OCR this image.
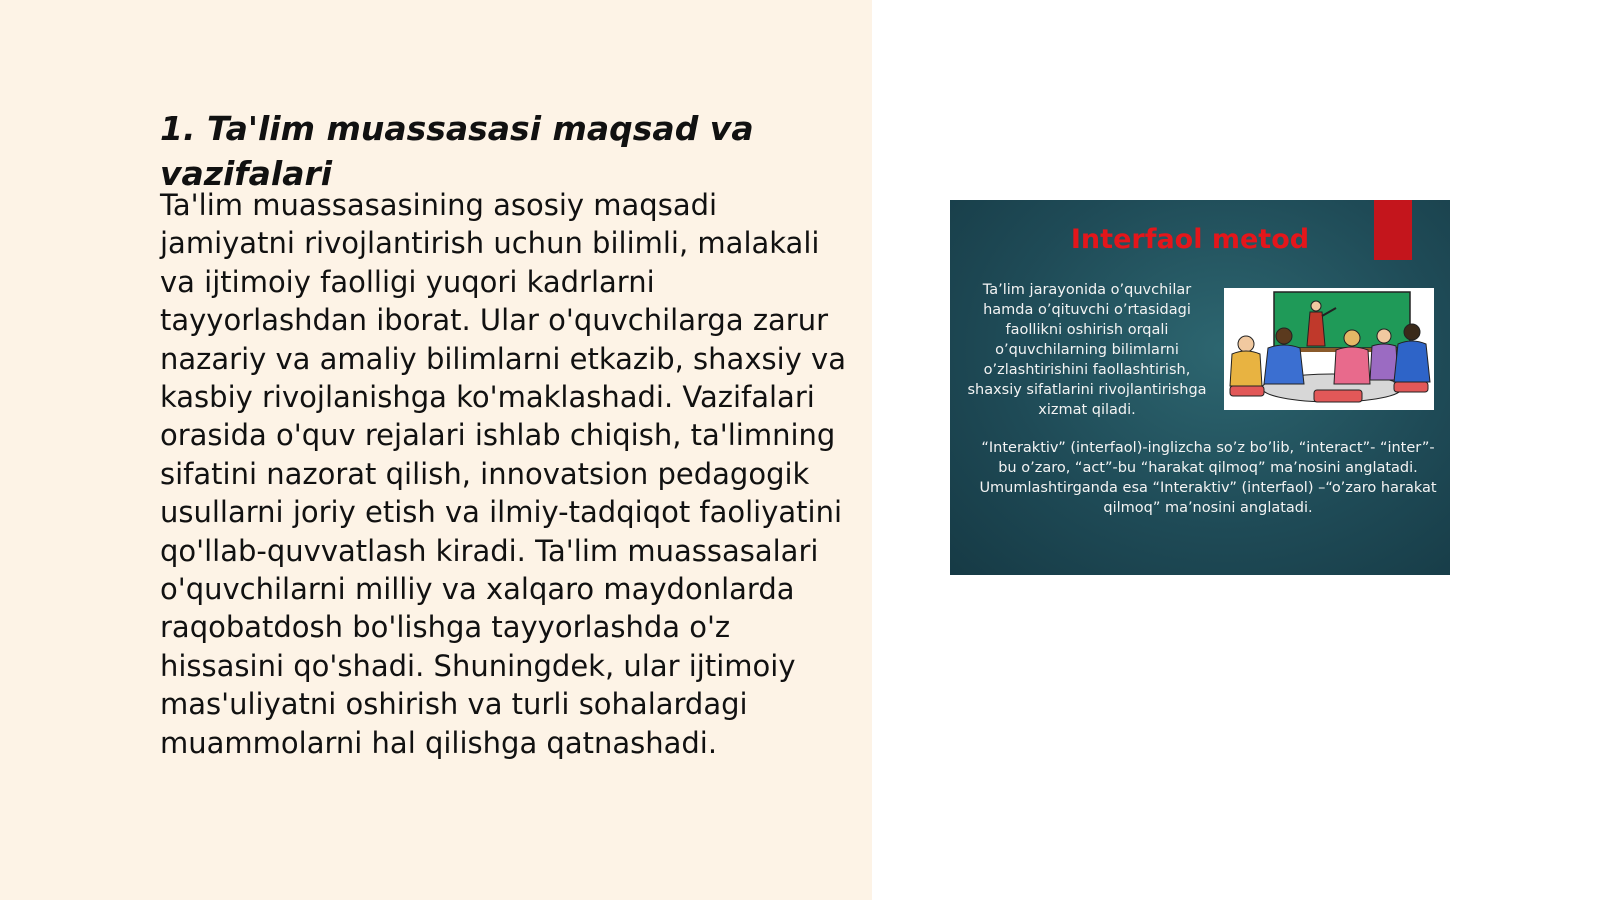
1. Ta'lim muassasasi maqsad va vazifalari

Ta'lim muassasasining asosiy maqsadi jamiyatni rivojlantirish uchun bilimli, malakali va ijtimoiy faolligi yuqori kadrlarni tayyorlashdan iborat. Ular o'quvchilarga zarur nazariy va amaliy bilimlarni etkazib, shaxsiy va kasbiy rivojlanishga ko'maklashadi. Vazifalari orasida o'quv rejalari ishlab chiqish, ta'limning sifatini nazorat qilish, innovatsion pedagogik usullarni joriy etish va ilmiy-tadqiqot faoliyatini qo'llab-quvvatlash kiradi. Ta'lim muassasalari o'quvchilarni milliy va xalqaro maydonlarda raqobatdosh bo'lishga tayyorlashda o'z hissasini qo'shadi. Shuningdek, ular ijtimoiy mas'uliyatni oshirish va turli sohalardagi muammolarni hal qilishga qatnashadi.

Interfaol metod
Ta’lim jarayonida o’quvchilar hamda o’qituvchi o’rtasidagi faollikni oshirish orqali o’quvchilarning bilimlarni o’zlashtirishini faollashtirish, shaxsiy sifatlarini rivojlantirishga xizmat qiladi.
“Interaktiv” (interfaol)-inglizcha so’z bo’lib, “interact”- “inter”-bu o’zaro, “act”-bu “harakat qilmoq” ma’nosini anglatadi. Umumlashtirganda esa “Interaktiv” (interfaol) –“o’zaro harakat qilmoq” ma’nosini anglatadi.
